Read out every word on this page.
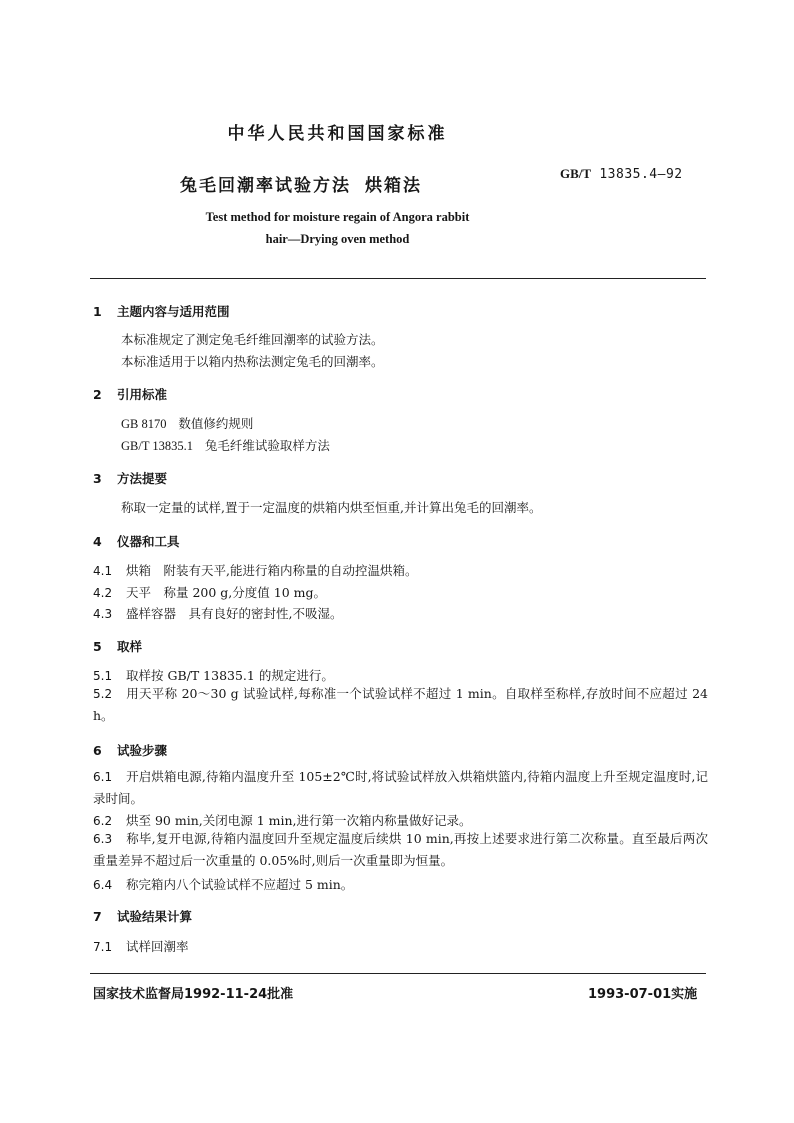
中华人民共和国国家标准
兔毛回潮率试验方法 烘箱法
GB/T 13835.4—92
Test method for moisture regain of Angora rabbit
hair—Drying oven method
1 主题内容与适用范围
本标准规定了测定兔毛纤维回潮率的试验方法。
本标准适用于以箱内热称法测定兔毛的回潮率。
2 引用标准
GB 8170 数值修约规则
GB/T 13835.1 兔毛纤维试验取样方法
3 方法提要
称取一定量的试样,置于一定温度的烘箱内烘至恒重,并计算出兔毛的回潮率。
4 仪器和工具
4.1 烘箱　附装有天平,能进行箱内称量的自动控温烘箱。
4.2 天平　称量 200 g,分度值 10 mg。
4.3 盛样容器　具有良好的密封性,不吸湿。
5 取样
5.1 取样按 GB/T 13835.1 的规定进行。
5.2 用天平称 20～30 g 试验试样,每称准一个试验试样不超过 1 min。自取样至称样,存放时间不应超过 24 h。
6 试验步骤
6.1 开启烘箱电源,待箱内温度升至 105±2℃时,将试验试样放入烘箱烘篮内,待箱内温度上升至规定温度时,记录时间。
6.2 烘至 90 min,关闭电源 1 min,进行第一次箱内称量做好记录。
6.3 称毕,复开电源,待箱内温度回升至规定温度后续烘 10 min,再按上述要求进行第二次称量。直至最后两次重量差异不超过后一次重量的 0.05%时,则后一次重量即为恒量。
6.4 称完箱内八个试验试样不应超过 5 min。
7 试验结果计算
7.1 试样回潮率
国家技术监督局1992-11-24批准	1993-07-01实施
